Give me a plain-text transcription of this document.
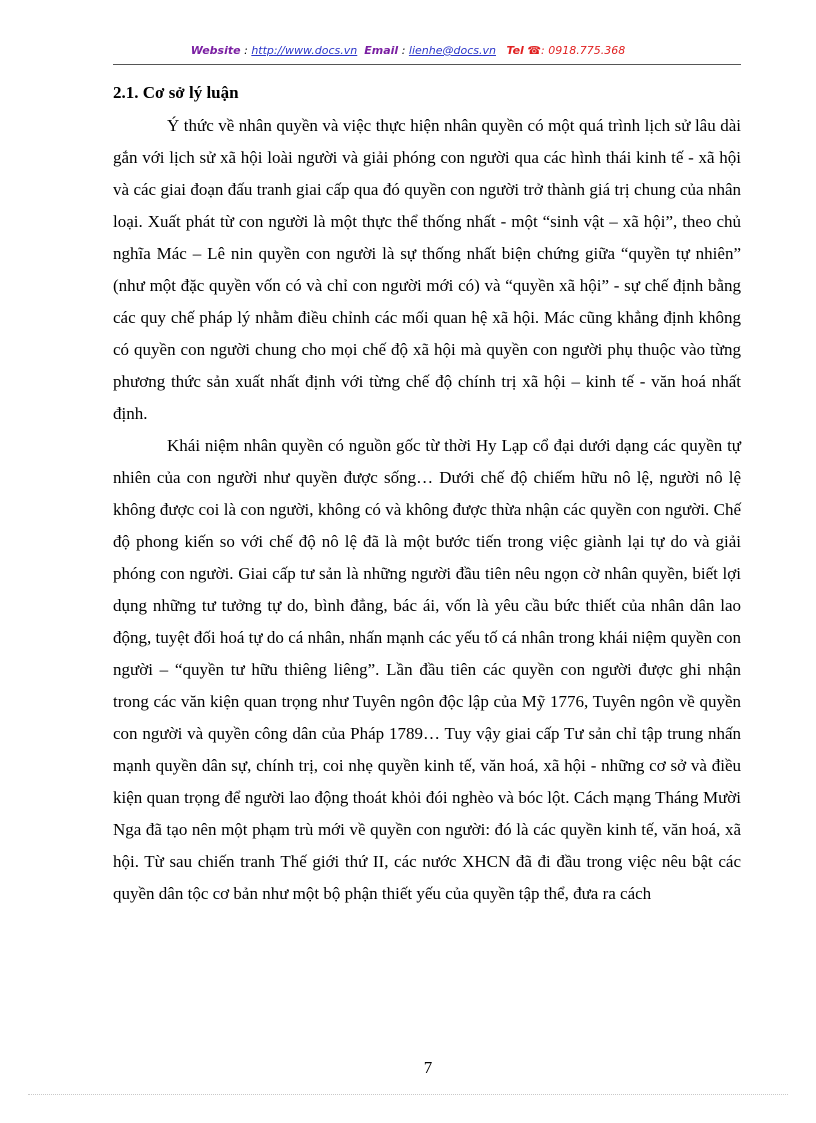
Website : http://www.docs.vn Email : lienhe@docs.vn Tel ☎: 0918.775.368
2.1. Cơ sở lý luận

Ý thức về nhân quyền và việc thực hiện nhân quyền có một quá trình lịch sử lâu dài gắn với lịch sử xã hội loài người và giải phóng con người qua các hình thái kinh tế - xã hội và các giai đoạn đấu tranh giai cấp qua đó quyền con người trở thành giá trị chung của nhân loại. Xuất phát từ con người là một thực thể thống nhất - một “sinh vật – xã hội”, theo chủ nghĩa Mác – Lê nin quyền con người là sự thống nhất biện chứng giữa “quyền tự nhiên” (như một đặc quyền vốn có và chỉ con người mới có) và “quyền xã hội” - sự chế định bằng các quy chế pháp lý nhằm điều chỉnh các mối quan hệ xã hội. Mác cũng khẳng định không có quyền con người chung cho mọi chế độ xã hội mà quyền con người phụ thuộc vào từng phương thức sản xuất nhất định với từng chế độ chính trị xã hội – kinh tế - văn hoá nhất định.

Khái niệm nhân quyền có nguồn gốc từ thời Hy Lạp cổ đại dưới dạng các quyền tự nhiên của con người như quyền được sống… Dưới chế độ chiếm hữu nô lệ, người nô lệ không được coi là con người, không có và không được thừa nhận các quyền con người. Chế độ phong kiến so với chế độ nô lệ đã là một bước tiến trong việc giành lại tự do và giải phóng con người. Giai cấp tư sản là những người đầu tiên nêu ngọn cờ nhân quyền, biết lợi dụng những tư tưởng tự do, bình đẳng, bác ái, vốn là yêu cầu bức thiết của nhân dân lao động, tuyệt đối hoá tự do cá nhân, nhấn mạnh các yếu tố cá nhân trong khái niệm quyền con người – “quyền tư hữu thiêng liêng”. Lần đầu tiên các quyền con người được ghi nhận trong các văn kiện quan trọng như Tuyên ngôn độc lập của Mỹ 1776, Tuyên ngôn về quyền con người và quyền công dân của Pháp 1789… Tuy vậy giai cấp Tư sản chỉ tập trung nhấn mạnh quyền dân sự, chính trị, coi nhẹ quyền kinh tế, văn hoá, xã hội - những cơ sở và điều kiện quan trọng để người lao động thoát khỏi đói nghèo và bóc lột. Cách mạng Tháng Mười Nga đã tạo nên một phạm trù mới về quyền con người: đó là các quyền kinh tế, văn hoá, xã hội. Từ sau chiến tranh Thế giới thứ II, các nước XHCN đã đi đầu trong việc nêu bật các quyền dân tộc cơ bản như một bộ phận thiết yếu của quyền tập thể, đưa ra cách

7
